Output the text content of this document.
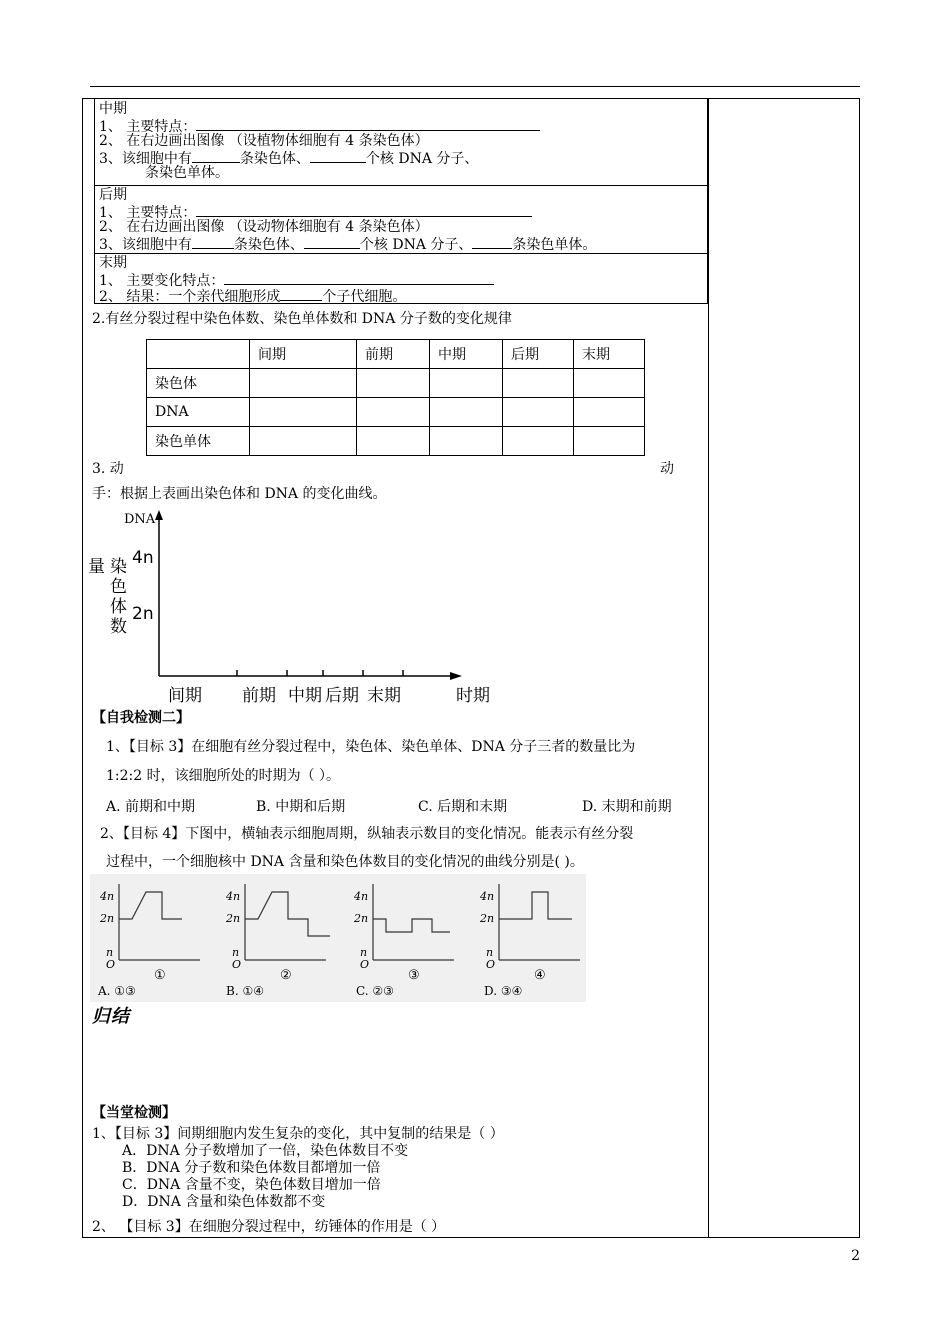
中期
1、 主要特点：
2、 在右边画出图像 （设植物体细胞有 4 条染色体）
3、该细胞中有	条染色体、	个核 DNA 分子、
条染色单体。
后期
1、 主要特点：
2、 在右边画出图像 （设动物体细胞有 4 条染色体）
3、该细胞中有	条染色体、	个核 DNA 分子、	条染色单体。
末期
1、 主要变化特点：
2、 结果：一个亲代细胞形成	个子代细胞。
2.有丝分裂过程中染色体数、染色单体数和 DNA 分子数的变化规律
	间期	前期	中期	后期	末期
染色体					
DNA					
染色单体					
3. 动	动
手：根据上表画出染色体和 DNA 的变化曲线。
DNA
量 染
色
体
数
4n
2n
间期 前期 中期 后期 末期	时期
【自我检测二】
1、【目标 3】在细胞有丝分裂过程中，染色体、染色单体、DNA 分子三者的数量比为
1:2:2 时，该细胞所处的时期为（ ）。
A. 前期和中期	B. 中期和后期	C. 后期和末期	D. 末期和前期
2、【目标 4】下图中，横轴表示细胞周期，纵轴表示数目的变化情况。能表示有丝分裂
过程中，一个细胞核中 DNA 含量和染色体数目的变化情况的曲线分别是( )。
4n
2n
n
O
4n
2n
n
O
4n
2n
n
O
4n
2n
n
O
①	②	③	④
A. ①③	B. ①④	C. ②③	D. ③④
归结
【当堂检测】
1、【目标 3】间期细胞内发生复杂的变化，其中复制的结果是（ ）
A．DNA 分子数增加了一倍，染色体数目不变
B．DNA 分子数和染色体数目都增加一倍
C．DNA 含量不变，染色体数目增加一倍
D．DNA 含量和染色体数都不变
2、 【目标 3】在细胞分裂过程中，纺锤体的作用是（ ）
2
